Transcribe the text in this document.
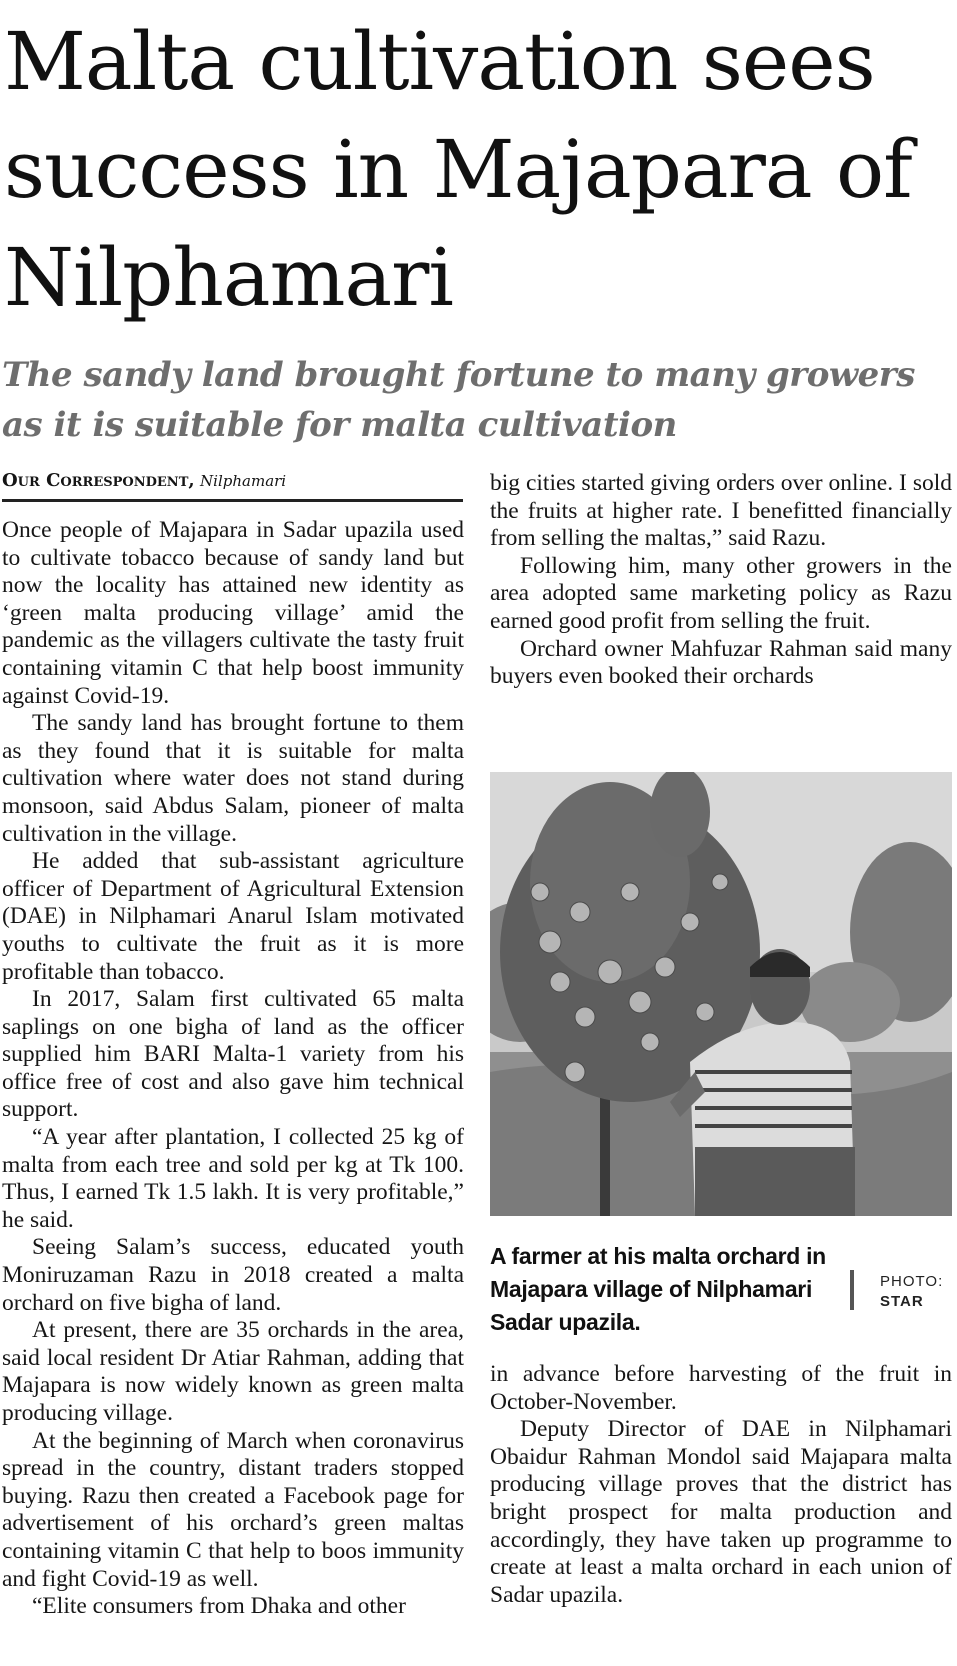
Malta cultivation sees success in Majapara of Nilphamari
The sandy land brought fortune to many growers as it is suitable for malta cultivation
Our Correspondent, Nilphamari

Once people of Majapara in Sadar upazila used to cultivate tobacco because of sandy land but now the locality has attained new identity as ‘green malta producing village’ amid the pandemic as the villagers cultivate the tasty fruit containing vitamin C that help boost immunity against Covid-19.

The sandy land has brought fortune to them as they found that it is suitable for malta cultivation where water does not stand during monsoon, said Abdus Salam, pioneer of malta cultivation in the village.

He added that sub-assistant agriculture officer of Department of Agricultural Extension (DAE) in Nilphamari Anarul Islam motivated youths to cultivate the fruit as it is more profitable than tobacco.

In 2017, Salam first cultivated 65 malta saplings on one bigha of land as the officer supplied him BARI Malta-1 variety from his office free of cost and also gave him technical support.

“A year after plantation, I collected 25 kg of malta from each tree and sold per kg at Tk 100. Thus, I earned Tk 1.5 lakh. It is very profitable,” he said.

Seeing Salam’s success, educated youth Moniruzaman Razu in 2018 created a malta orchard on five bigha of land.

At present, there are 35 orchards in the area, said local resident Dr Atiar Rahman, adding that Majapara is now widely known as green malta producing village.

At the beginning of March when coronavirus spread in the country, distant traders stopped buying. Razu then created a Facebook page for advertisement of his orchard’s green maltas containing vitamin C that help to boos immunity and fight Covid-19 as well.

“Elite consumers from Dhaka and other

big cities started giving orders over online. I sold the fruits at higher rate. I benefitted financially from selling the maltas,” said Razu.

Following him, many other growers in the area adopted same marketing policy as Razu earned good profit from selling the fruit.

Orchard owner Mahfuzar Rahman said many buyers even booked their orchards

A farmer at his malta orchard in Majapara village of Nilphamari Sadar upazila.
PHOTO:
STAR

in advance before harvesting of the fruit in October-November.

Deputy Director of DAE in Nilphamari Obaidur Rahman Mondol said Majapara malta producing village proves that the district has bright prospect for malta production and accordingly, they have taken up programme to create at least a malta orchard in each union of Sadar upazila.
